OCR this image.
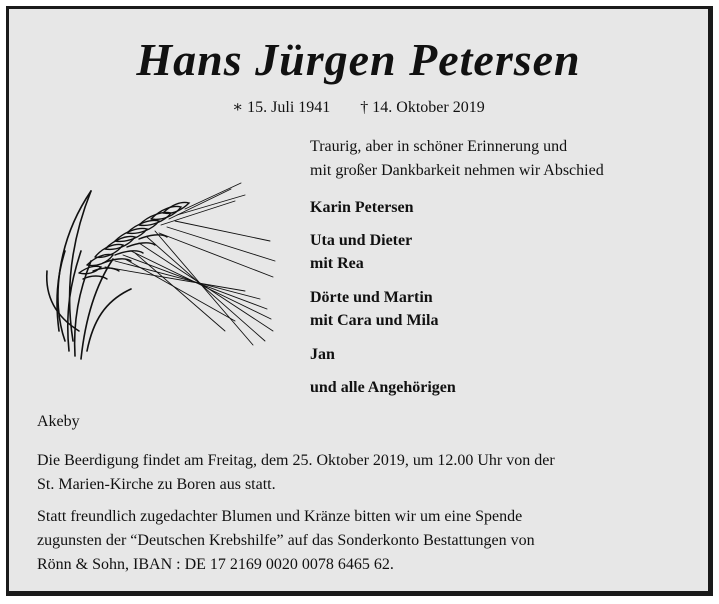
Hans Jürgen Petersen
∗ 15. Juli 1941 † 14. Oktober 2019
Traurig, aber in schöner Erinnerung und
mit großer Dankbarkeit nehmen wir Abschied
Karin Petersen
Uta und Dieter
mit Rea
Dörte und Martin
mit Cara und Mila
Jan
und alle Angehörigen
Akeby
Die Beerdigung findet am Freitag, dem 25. Oktober 2019, um 12.00 Uhr von der
St. Marien-Kirche zu Boren aus statt.
Statt freundlich zugedachter Blumen und Kränze bitten wir um eine Spende
zugunsten der “Deutschen Krebshilfe” auf das Sonderkonto Bestattungen von
Rönn & Sohn, IBAN : DE 17 2169 0020 0078 6465 62.
